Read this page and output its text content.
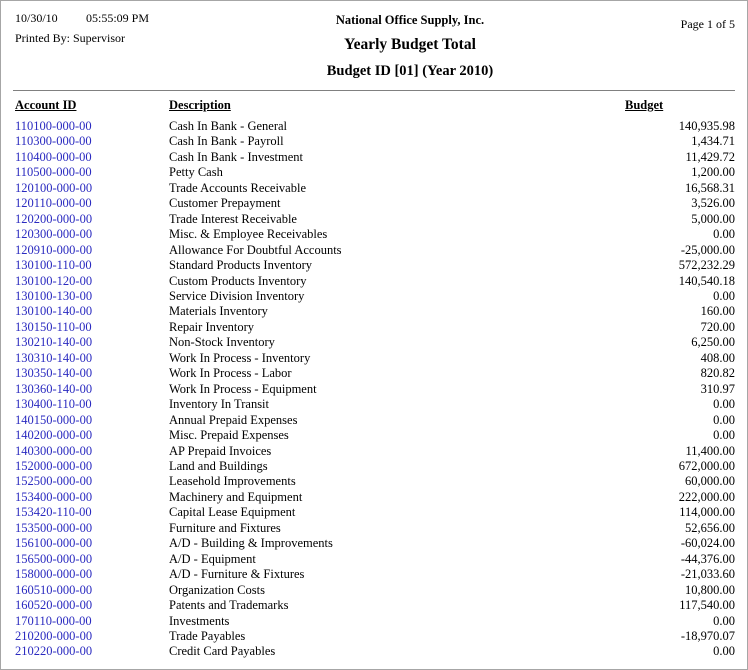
10/30/10 05:55:09 PM
Printed By: Supervisor
National Office Supply, Inc.
Yearly Budget Total
Budget ID [01] (Year 2010)
Page 1 of 5
Account ID	Description	Budget
110100-000-00	Cash In Bank - General	140,935.98
110300-000-00	Cash In Bank - Payroll	1,434.71
110400-000-00	Cash In Bank - Investment	11,429.72
110500-000-00	Petty Cash	1,200.00
120100-000-00	Trade Accounts Receivable	16,568.31
120110-000-00	Customer Prepayment	3,526.00
120200-000-00	Trade Interest Receivable	5,000.00
120300-000-00	Misc. & Employee Receivables	0.00
120910-000-00	Allowance For Doubtful Accounts	-25,000.00
130100-110-00	Standard Products Inventory	572,232.29
130100-120-00	Custom Products Inventory	140,540.18
130100-130-00	Service Division Inventory	0.00
130100-140-00	Materials Inventory	160.00
130150-110-00	Repair Inventory	720.00
130210-140-00	Non-Stock Inventory	6,250.00
130310-140-00	Work In Process - Inventory	408.00
130350-140-00	Work In Process - Labor	820.82
130360-140-00	Work In Process - Equipment	310.97
130400-110-00	Inventory In Transit	0.00
140150-000-00	Annual Prepaid Expenses	0.00
140200-000-00	Misc. Prepaid Expenses	0.00
140300-000-00	AP Prepaid Invoices	11,400.00
152000-000-00	Land and Buildings	672,000.00
152500-000-00	Leasehold Improvements	60,000.00
153400-000-00	Machinery and Equipment	222,000.00
153420-110-00	Capital Lease Equipment	114,000.00
153500-000-00	Furniture and Fixtures	52,656.00
156100-000-00	A/D - Building & Improvements	-60,024.00
156500-000-00	A/D - Equipment	-44,376.00
158000-000-00	A/D - Furniture & Fixtures	-21,033.60
160510-000-00	Organization Costs	10,800.00
160520-000-00	Patents and Trademarks	117,540.00
170110-000-00	Investments	0.00
210200-000-00	Trade Payables	-18,970.07
210220-000-00	Credit Card Payables	0.00
